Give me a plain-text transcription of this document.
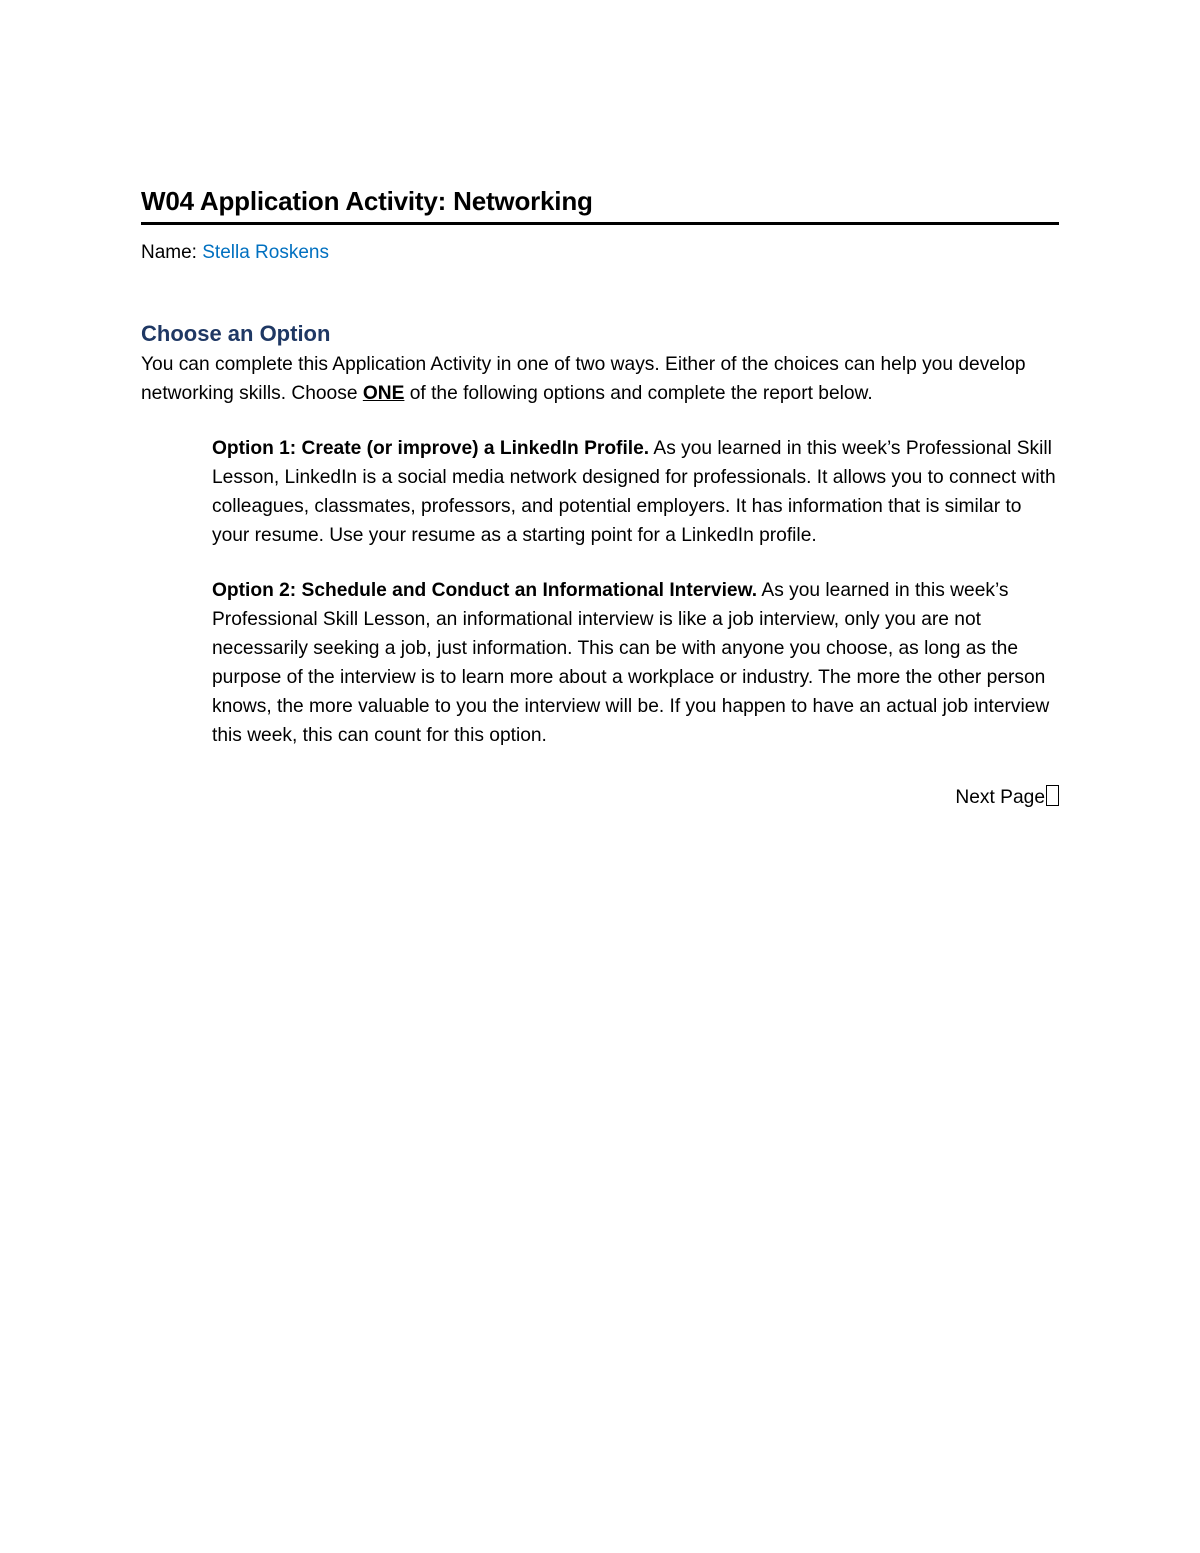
W04 Application Activity: Networking
Name: Stella Roskens
Choose an Option
You can complete this Application Activity in one of two ways. Either of the choices can help you develop networking skills. Choose ONE of the following options and complete the report below.
Option 1: Create (or improve) a LinkedIn Profile. As you learned in this week’s Professional Skill Lesson, LinkedIn is a social media network designed for professionals. It allows you to connect with colleagues, classmates, professors, and potential employers. It has information that is similar to your resume. Use your resume as a starting point for a LinkedIn profile.
Option 2: Schedule and Conduct an Informational Interview. As you learned in this week’s Professional Skill Lesson, an informational interview is like a job interview, only you are not necessarily seeking a job, just information. This can be with anyone you choose, as long as the purpose of the interview is to learn more about a workplace or industry. The more the other person knows, the more valuable to you the interview will be. If you happen to have an actual job interview this week, this can count for this option.
Next Page
